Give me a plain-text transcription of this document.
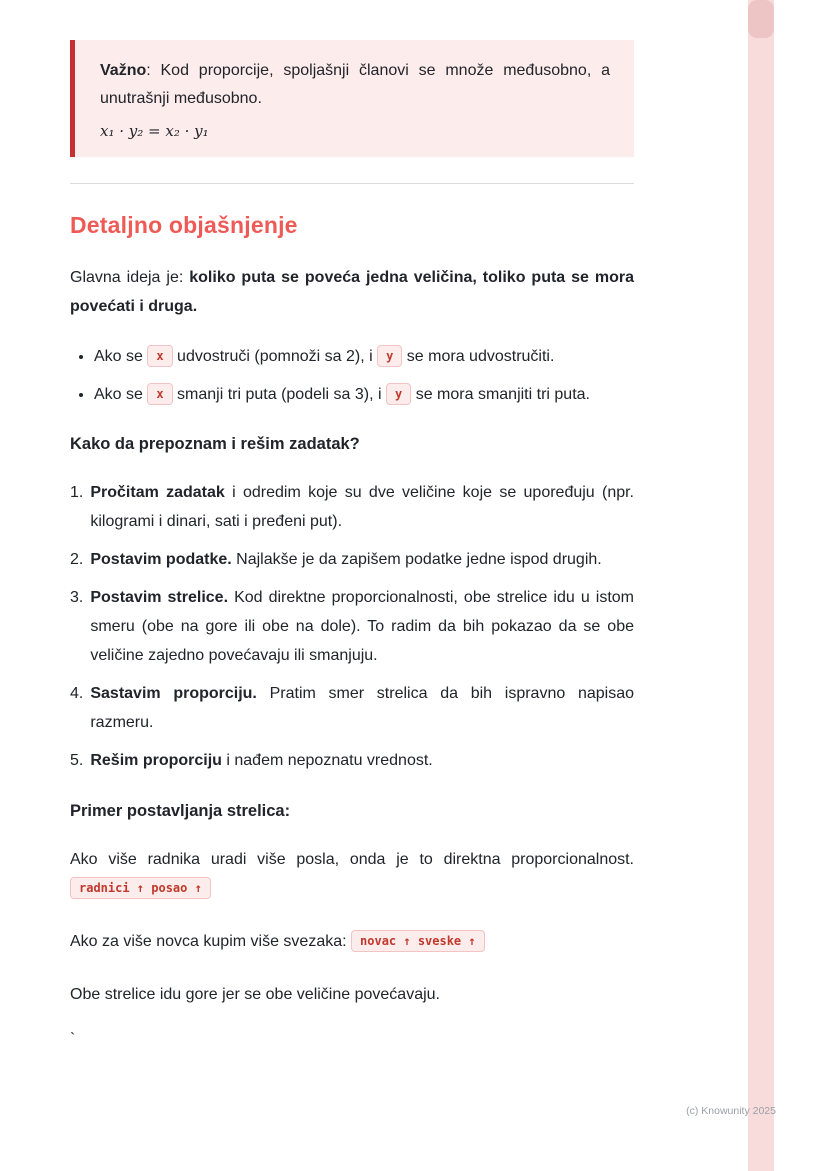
Važno: Kod proporcije, spoljašnji članovi se množe međusobno, a unutrašnji međusobno.

x₁ · y₂ = x₂ · y₁

Detaljno objašnjenje

Glavna ideja je: koliko puta se poveća jedna veličina, toliko puta se mora povećati i druga.

• Ako se x udvostruči (pomnoži sa 2), i y se mora udvostručiti.
• Ako se x smanji tri puta (podeli sa 3), i y se mora smanjiti tri puta.

Kako da prepoznam i rešim zadatak?

1. Pročitam zadatak i odredim koje su dve veličine koje se upoređuju (npr. kilogrami i dinari, sati i pređeni put).
2. Postavim podatke. Najlakše je da zapišem podatke jedne ispod drugih.
3. Postavim strelice. Kod direktne proporcionalnosti, obe strelice idu u istom smeru (obe na gore ili obe na dole). To radim da bih pokazao da se obe veličine zajedno povećavaju ili smanjuju.
4. Sastavim proporciju. Pratim smer strelica da bih ispravno napisao razmeru.
5. Rešim proporciju i nađem nepoznatu vrednost.

Primer postavljanja strelica:

Ako više radnika uradi više posla, onda je to direktna proporcionalnost. radnici ↑ posao ↑

Ako za više novca kupim više svezaka: novac ↑ sveske ↑

Obe strelice idu gore jer se obe veličine povećavaju.

`

(c) Knowunity 2025
